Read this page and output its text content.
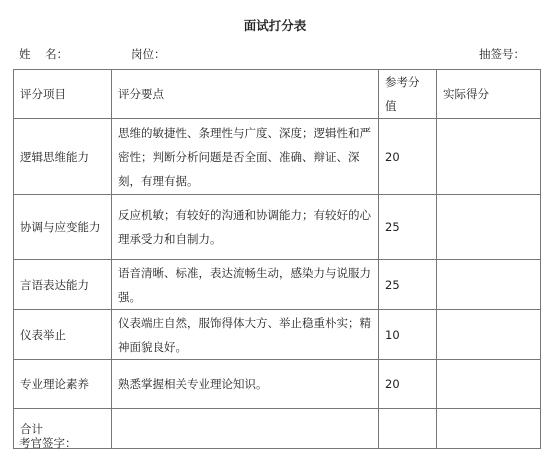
面试打分表
姓    名：	岗位：	抽签号：
评分项目	评分要点	参考分值	实际得分
逻辑思维能力	思维的敏捷性、条理性与广度、深度；逻辑性和严密性；判断分析问题是否全面、准确、辩证、深刻，有理有据。	20	
协调与应变能力	反应机敏；有较好的沟通和协调能力；有较好的心理承受力和自制力。	25	
言语表达能力	语音清晰、标准，表达流畅生动，感染力与说服力强。	25	
仪表举止	仪表端庄自然，服饰得体大方、举止稳重朴实；精神面貌良好。	10	
专业理论素养	熟悉掌握相关专业理论知识。	20	
合计			
考官签字：
